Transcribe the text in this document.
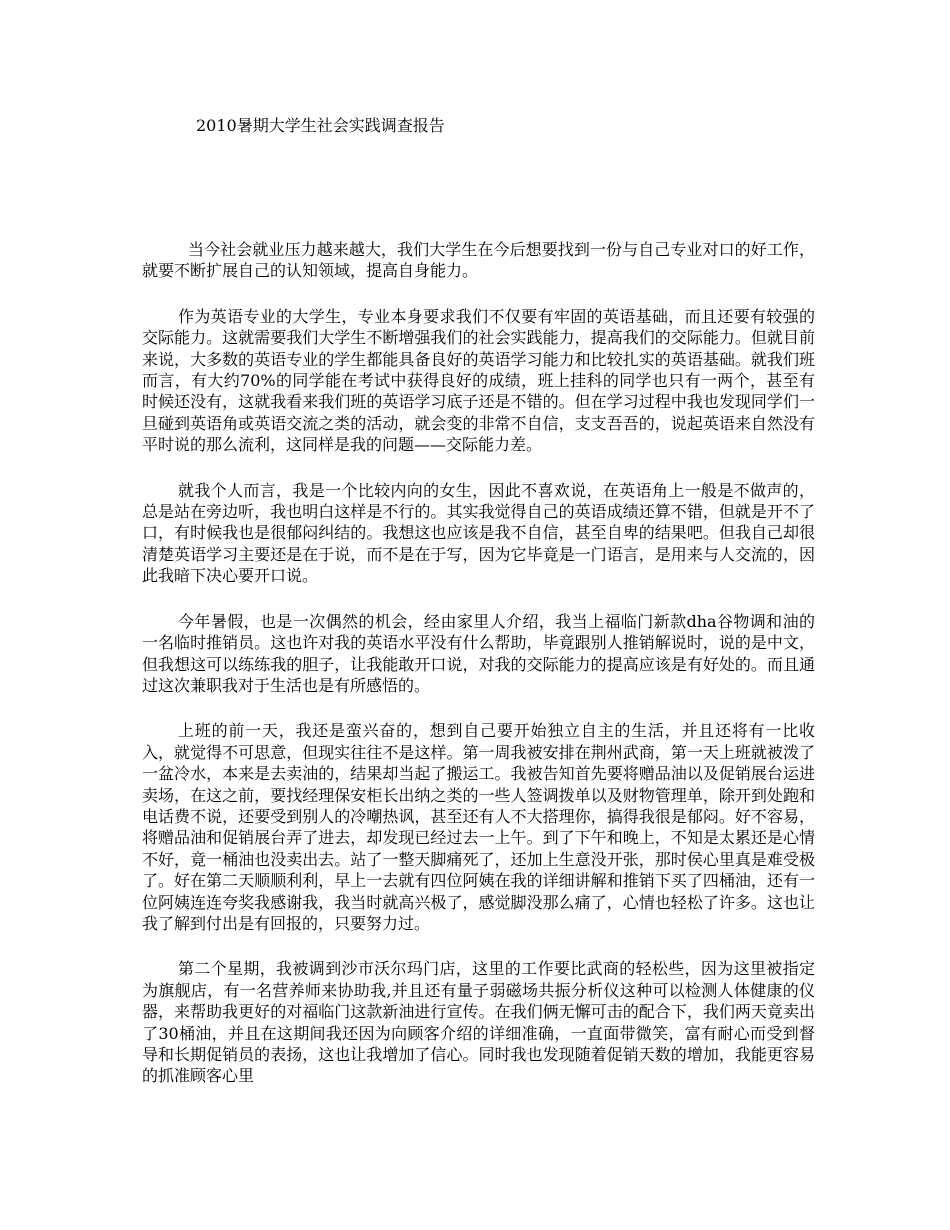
2010暑期大学生社会实践调查报告

当今社会就业压力越来越大，我们大学生在今后想要找到一份与自己专业对口的好工作，就要不断扩展自己的认知领域，提高自身能力。

作为英语专业的大学生，专业本身要求我们不仅要有牢固的英语基础，而且还要有较强的交际能力。这就需要我们大学生不断增强我们的社会实践能力，提高我们的交际能力。但就目前来说，大多数的英语专业的学生都能具备良好的英语学习能力和比较扎实的英语基础。就我们班而言，有大约70%的同学能在考试中获得良好的成绩，班上挂科的同学也只有一两个，甚至有时候还没有，这就我看来我们班的英语学习底子还是不错的。但在学习过程中我也发现同学们一旦碰到英语角或英语交流之类的活动，就会变的非常不自信，支支吾吾的，说起英语来自然没有平时说的那么流利，这同样是我的问题——交际能力差。

就我个人而言，我是一个比较内向的女生，因此不喜欢说，在英语角上一般是不做声的，总是站在旁边听，我也明白这样是不行的。其实我觉得自己的英语成绩还算不错，但就是开不了口，有时候我也是很郁闷纠结的。我想这也应该是我不自信，甚至自卑的结果吧。但我自己却很清楚英语学习主要还是在于说，而不是在于写，因为它毕竟是一门语言，是用来与人交流的，因此我暗下决心要开口说。

今年暑假，也是一次偶然的机会，经由家里人介绍，我当上福临门新款dha谷物调和油的一名临时推销员。这也许对我的英语水平没有什么帮助，毕竟跟别人推销解说时，说的是中文，但我想这可以练练我的胆子，让我能敢开口说，对我的交际能力的提高应该是有好处的。而且通过这次兼职我对于生活也是有所感悟的。

上班的前一天，我还是蛮兴奋的，想到自己要开始独立自主的生活，并且还将有一比收入，就觉得不可思意，但现实往往不是这样。第一周我被安排在荆州武商，第一天上班就被泼了一盆冷水，本来是去卖油的，结果却当起了搬运工。我被告知首先要将赠品油以及促销展台运进卖场，在这之前，要找经理保安柜长出纳之类的一些人签调拨单以及财物管理单，除开到处跑和电话费不说，还要受到别人的冷嘲热讽，甚至还有人不大搭理你，搞得我很是郁闷。好不容易，将赠品油和促销展台弄了进去，却发现已经过去一上午。到了下午和晚上，不知是太累还是心情不好，竟一桶油也没卖出去。站了一整天脚痛死了，还加上生意没开张，那时侯心里真是难受极了。好在第二天顺顺利利，早上一去就有四位阿姨在我的详细讲解和推销下买了四桶油，还有一位阿姨连连夸奖我感谢我，我当时就高兴极了，感觉脚没那么痛了，心情也轻松了许多。这也让我了解到付出是有回报的，只要努力过。

第二个星期，我被调到沙市沃尔玛门店，这里的工作要比武商的轻松些，因为这里被指定为旗舰店，有一名营养师来协助我,并且还有量子弱磁场共振分析仪这种可以检测人体健康的仪器，来帮助我更好的对福临门这款新油进行宣传。在我们俩无懈可击的配合下，我们两天竟卖出了30桶油，并且在这期间我还因为向顾客介绍的详细准确，一直面带微笑，富有耐心而受到督导和长期促销员的表扬，这也让我增加了信心。同时我也发现随着促销天数的增加，我能更容易的抓准顾客心里
